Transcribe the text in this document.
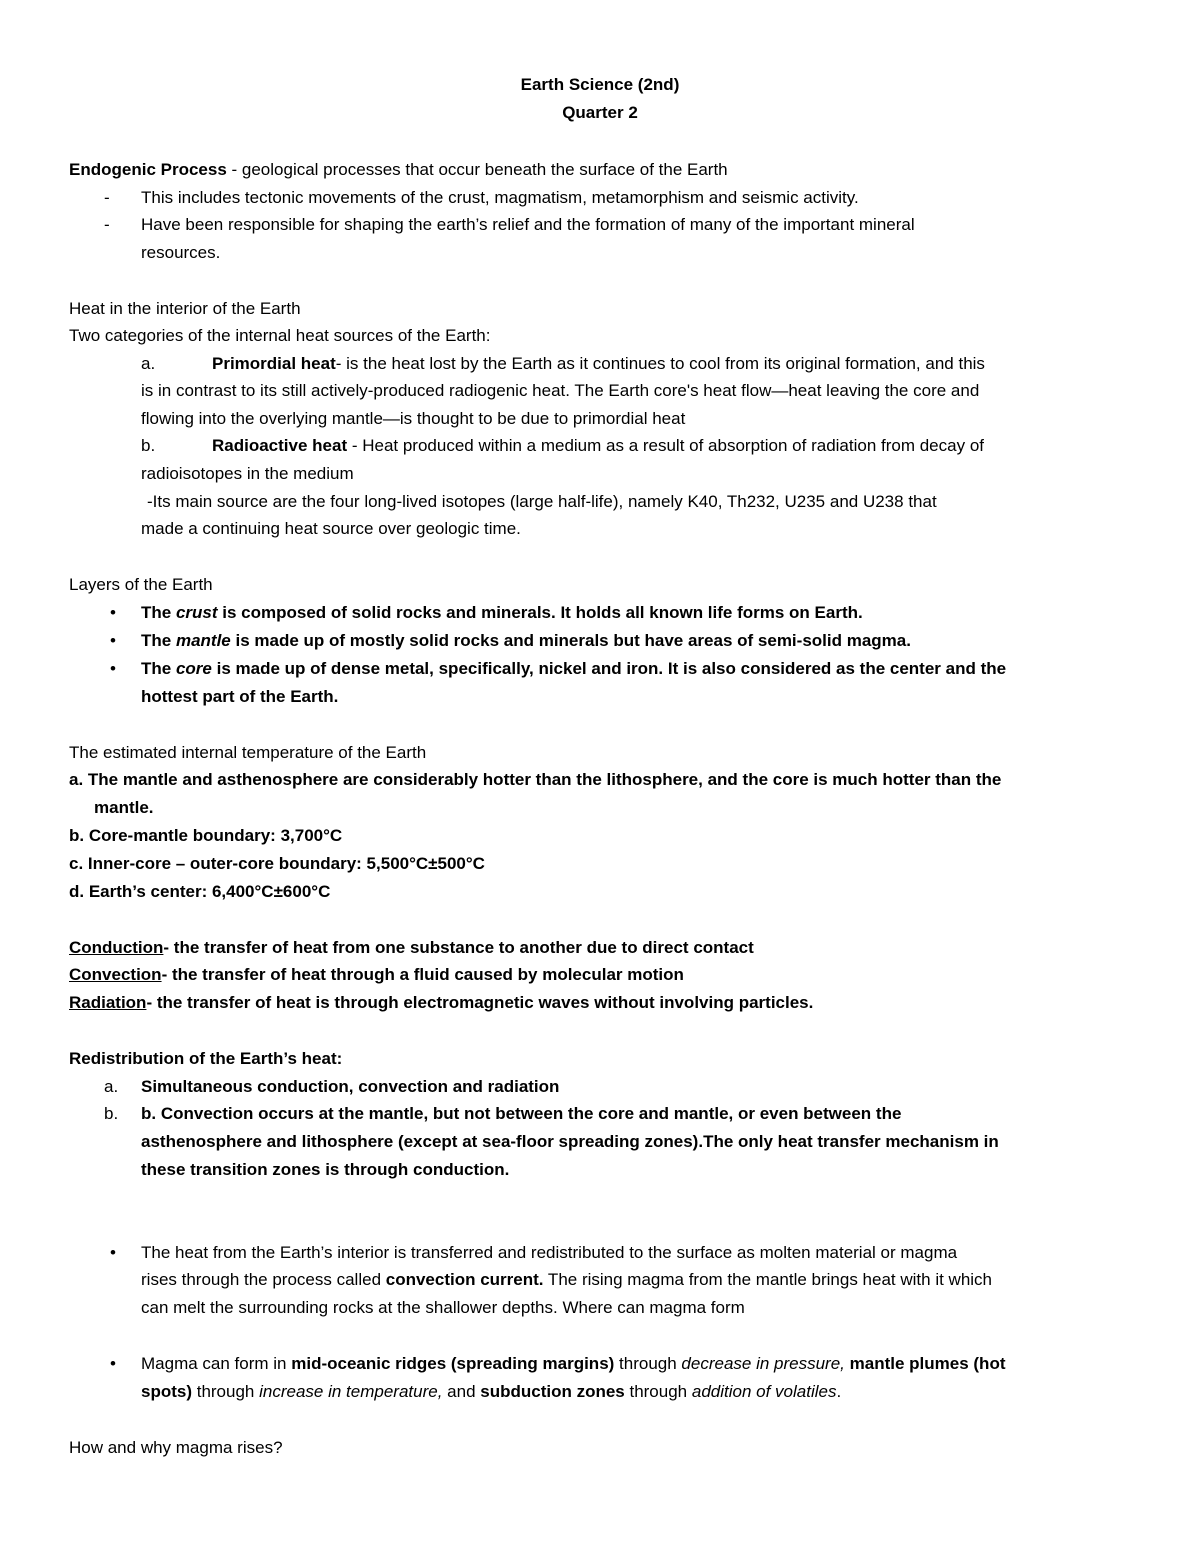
Earth Science (2nd)
Quarter 2
Endogenic Process - geological processes that occur beneath the surface of the Earth
- This includes tectonic movements of the crust, magmatism, metamorphism and seismic activity.
- Have been responsible for shaping the earth’s relief and the formation of many of the important mineral
resources.
Heat in the interior of the Earth
Two categories of the internal heat sources of the Earth:
a.	Primordial heat- is the heat lost by the Earth as it continues to cool from its original formation, and this
is in contrast to its still actively-produced radiogenic heat. The Earth core's heat flow—heat leaving the core and
flowing into the overlying mantle—is thought to be due to primordial heat
b.	Radioactive heat - Heat produced within a medium as a result of absorption of radiation from decay of
radioisotopes in the medium
-Its main source are the four long-lived isotopes (large half-life), namely K40, Th232, U235 and U238 that
made a continuing heat source over geologic time.
Layers of the Earth
• The crust is composed of solid rocks and minerals. It holds all known life forms on Earth.
• The mantle is made up of mostly solid rocks and minerals but have areas of semi-solid magma.
• The core is made up of dense metal, specifically, nickel and iron. It is also considered as the center and the
hottest part of the Earth.
The estimated internal temperature of the Earth
a. The mantle and asthenosphere are considerably hotter than the lithosphere, and the core is much hotter than the
mantle.
b. Core-mantle boundary: 3,700°C
c. Inner-core – outer-core boundary: 5,500°C±500°C
d. Earth’s center: 6,400°C±600°C
Conduction- the transfer of heat from one substance to another due to direct contact
Convection- the transfer of heat through a fluid caused by molecular motion
Radiation- the transfer of heat is through electromagnetic waves without involving particles.
Redistribution of the Earth’s heat:
a. Simultaneous conduction, convection and radiation
b. b. Convection occurs at the mantle, but not between the core and mantle, or even between the
asthenosphere and lithosphere (except at sea-floor spreading zones).The only heat transfer mechanism in
these transition zones is through conduction.
• The heat from the Earth’s interior is transferred and redistributed to the surface as molten material or magma
rises through the process called convection current. The rising magma from the mantle brings heat with it which
can melt the surrounding rocks at the shallower depths. Where can magma form
• Magma can form in mid-oceanic ridges (spreading margins) through decrease in pressure, mantle plumes (hot
spots) through increase in temperature, and subduction zones through addition of volatiles.
How and why magma rises?
